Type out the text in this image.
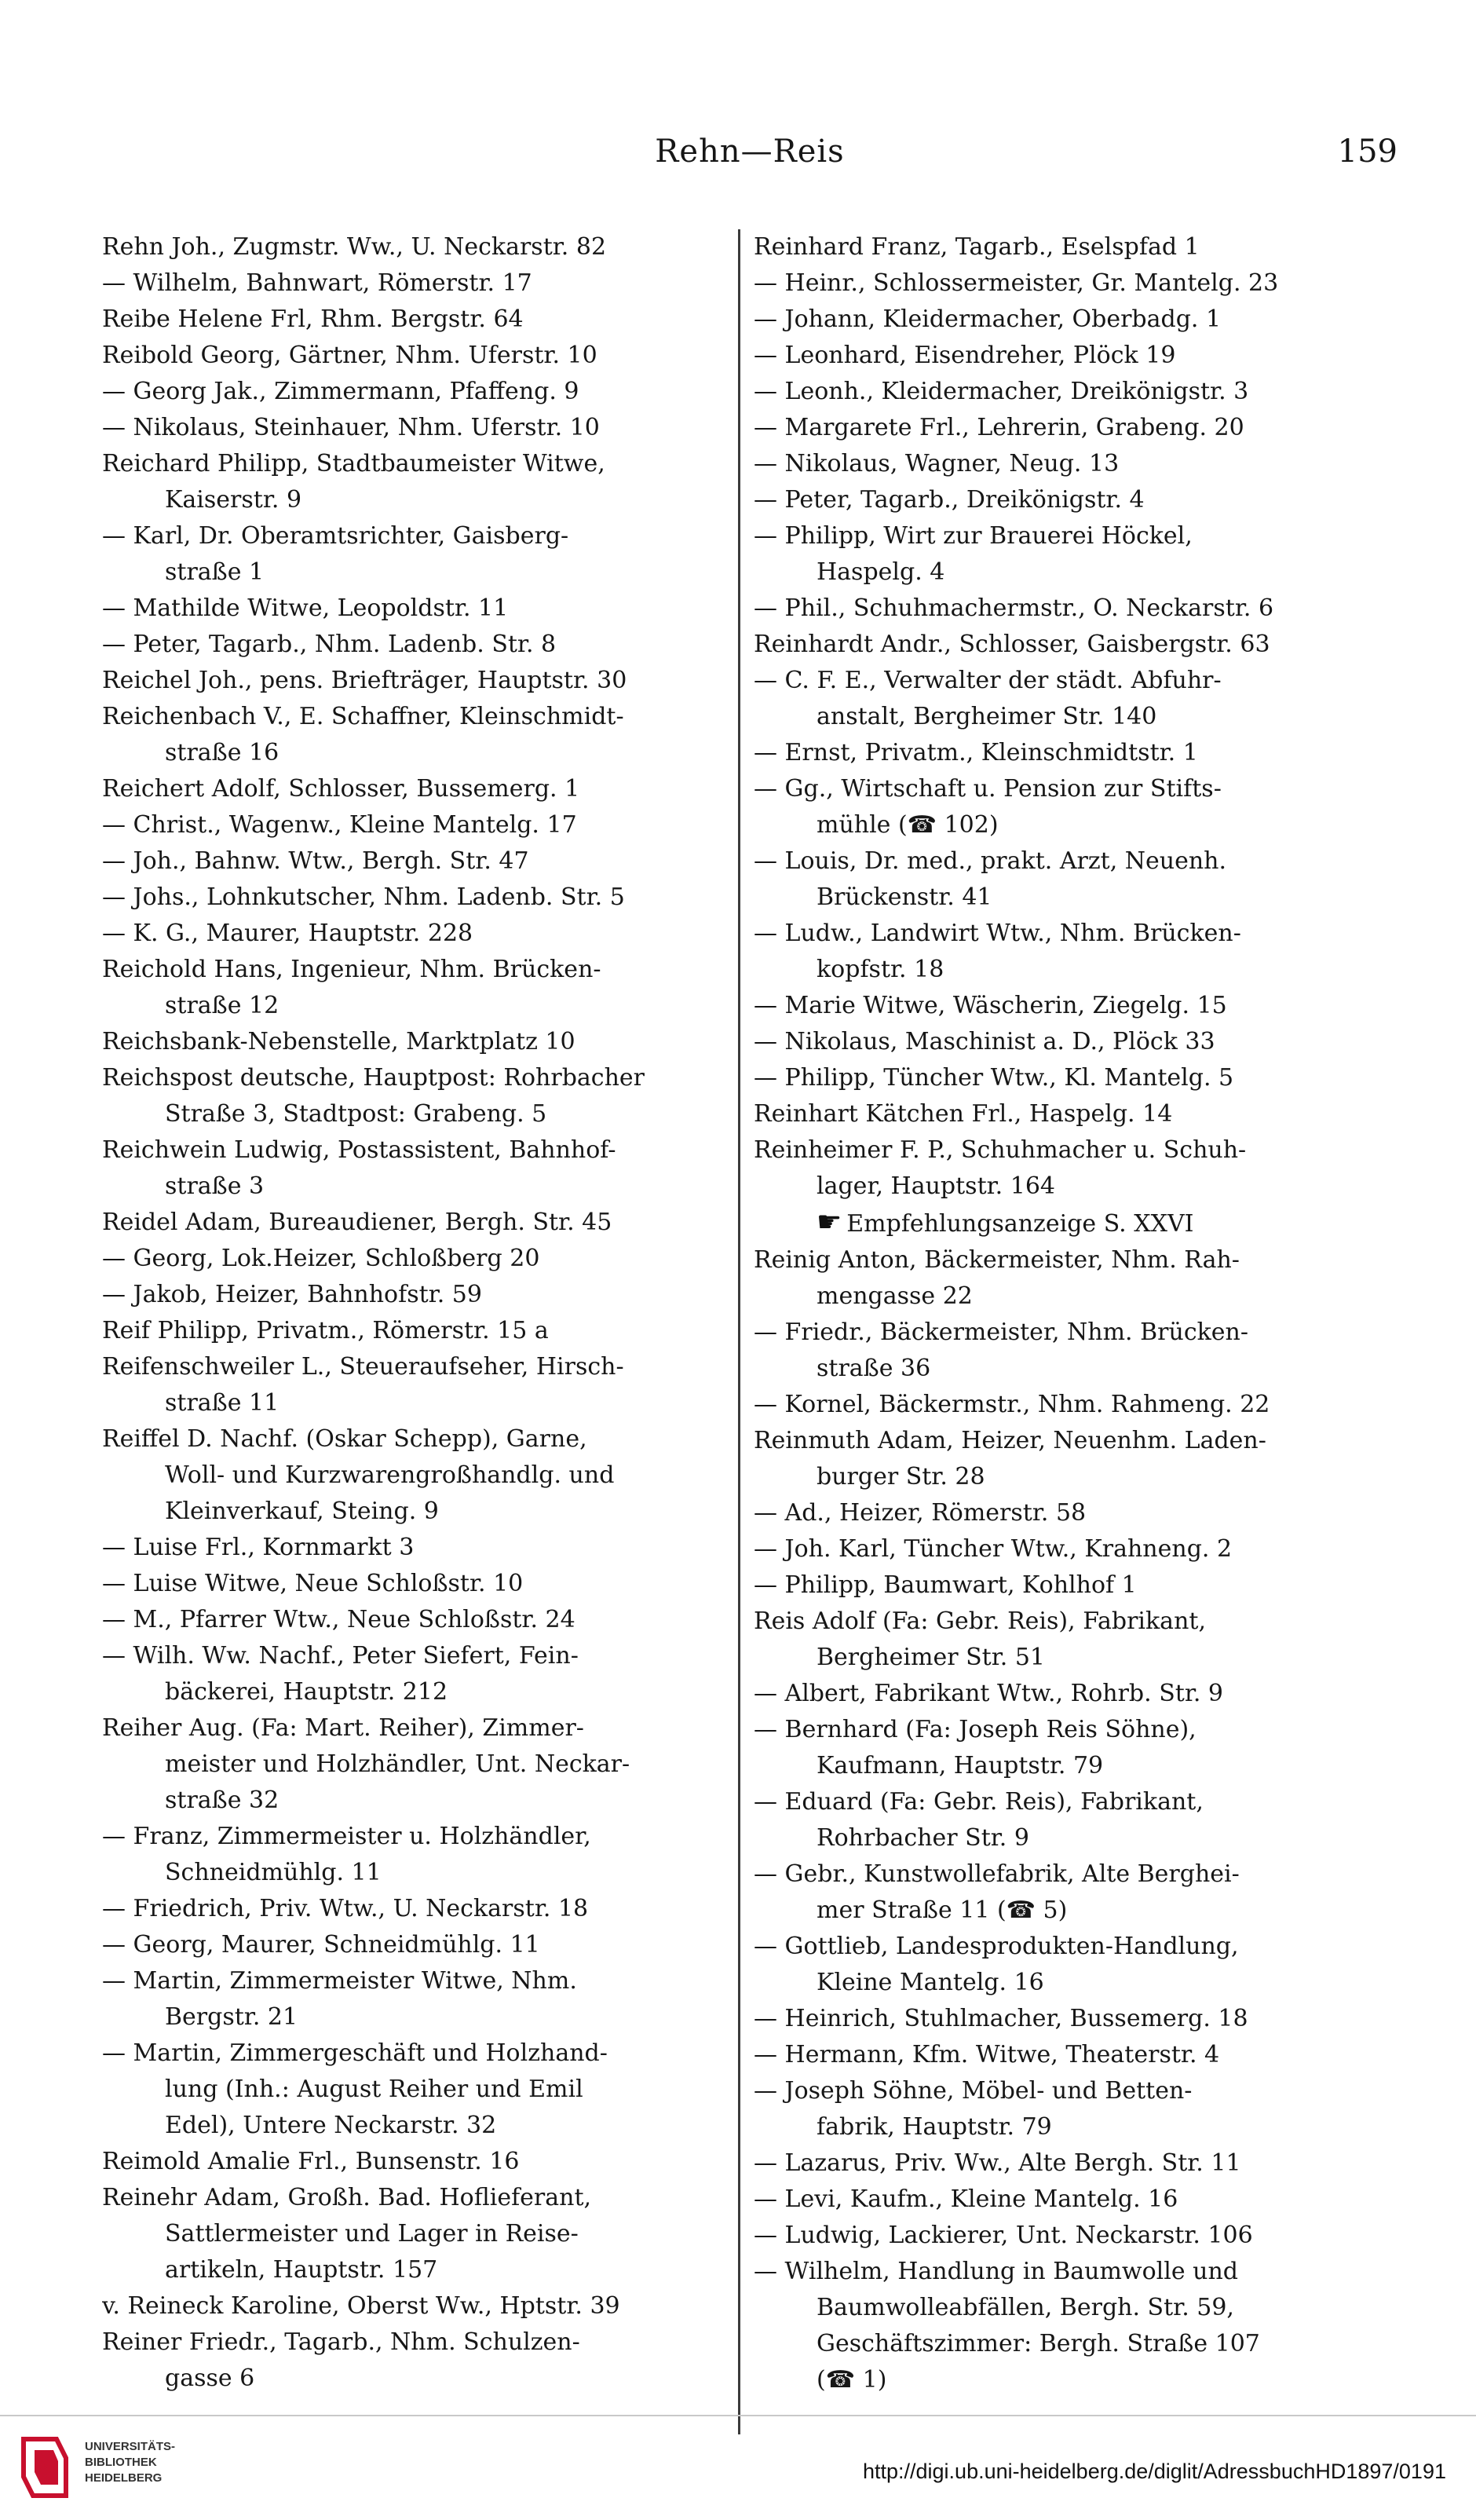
Rehn—Reis	159
Rehn Joh., Zugmstr. Ww., U. Neckarstr. 82
— Wilhelm, Bahnwart, Römerstr. 17
Reibe Helene Frl, Rhm. Bergstr. 64
Reibold Georg, Gärtner, Nhm. Uferstr. 10
— Georg Jak., Zimmermann, Pfaffeng. 9
— Nikolaus, Steinhauer, Nhm. Uferstr. 10
Reichard Philipp, Stadtbaumeister Witwe,
Kaiserstr. 9
— Karl, Dr. Oberamtsrichter, Gaisberg-
straße 1
— Mathilde Witwe, Leopoldstr. 11
— Peter, Tagarb., Nhm. Ladenb. Str. 8
Reichel Joh., pens. Briefträger, Hauptstr. 30
Reichenbach V., E. Schaffner, Kleinschmidt-
straße 16
Reichert Adolf, Schlosser, Bussemerg. 1
— Christ., Wagenw., Kleine Mantelg. 17
— Joh., Bahnw. Wtw., Bergh. Str. 47
— Johs., Lohnkutscher, Nhm. Ladenb. Str. 5
— K. G., Maurer, Hauptstr. 228
Reichold Hans, Ingenieur, Nhm. Brücken-
straße 12
Reichsbank-Nebenstelle, Marktplatz 10
Reichspost deutsche, Hauptpost: Rohrbacher
Straße 3, Stadtpost: Grabeng. 5
Reichwein Ludwig, Postassistent, Bahnhof-
straße 3
Reidel Adam, Bureaudiener, Bergh. Str. 45
— Georg, Lok.Heizer, Schloßberg 20
— Jakob, Heizer, Bahnhofstr. 59
Reif Philipp, Privatm., Römerstr. 15 a
Reifenschweiler L., Steueraufseher, Hirsch-
straße 11
Reiffel D. Nachf. (Oskar Schepp), Garne,
Woll- und Kurzwarengroßhandlg. und
Kleinverkauf, Steing. 9
— Luise Frl., Kornmarkt 3
— Luise Witwe, Neue Schloßstr. 10
— M., Pfarrer Wtw., Neue Schloßstr. 24
— Wilh. Ww. Nachf., Peter Siefert, Fein-
bäckerei, Hauptstr. 212
Reiher Aug. (Fa: Mart. Reiher), Zimmer-
meister und Holzhändler, Unt. Neckar-
straße 32
— Franz, Zimmermeister u. Holzhändler,
Schneidmühlg. 11
— Friedrich, Priv. Wtw., U. Neckarstr. 18
— Georg, Maurer, Schneidmühlg. 11
— Martin, Zimmermeister Witwe, Nhm.
Bergstr. 21
— Martin, Zimmergeschäft und Holzhand-
lung (Inh.: August Reiher und Emil
Edel), Untere Neckarstr. 32
Reimold Amalie Frl., Bunsenstr. 16
Reinehr Adam, Großh. Bad. Hoflieferant,
Sattlermeister und Lager in Reise-
artikeln, Hauptstr. 157
v. Reineck Karoline, Oberst Ww., Hptstr. 39
Reiner Friedr., Tagarb., Nhm. Schulzen-
gasse 6
Reinhard Franz, Tagarb., Eselspfad 1
— Heinr., Schlossermeister, Gr. Mantelg. 23
— Johann, Kleidermacher, Oberbadg. 1
— Leonhard, Eisendreher, Plöck 19
— Leonh., Kleidermacher, Dreikönigstr. 3
— Margarete Frl., Lehrerin, Grabeng. 20
— Nikolaus, Wagner, Neug. 13
— Peter, Tagarb., Dreikönigstr. 4
— Philipp, Wirt zur Brauerei Höckel,
Haspelg. 4
— Phil., Schuhmachermstr., O. Neckarstr. 6
Reinhardt Andr., Schlosser, Gaisbergstr. 63
— C. F. E., Verwalter der städt. Abfuhr-
anstalt, Bergheimer Str. 140
— Ernst, Privatm., Kleinschmidtstr. 1
— Gg., Wirtschaft u. Pension zur Stifts-
mühle (☎ 102)
— Louis, Dr. med., prakt. Arzt, Neuenh.
Brückenstr. 41
— Ludw., Landwirt Wtw., Nhm. Brücken-
kopfstr. 18
— Marie Witwe, Wäscherin, Ziegelg. 15
— Nikolaus, Maschinist a. D., Plöck 33
— Philipp, Tüncher Wtw., Kl. Mantelg. 5
Reinhart Kätchen Frl., Haspelg. 14
Reinheimer F. P., Schuhmacher u. Schuh-
lager, Hauptstr. 164
☛ Empfehlungsanzeige S. XXVI
Reinig Anton, Bäckermeister, Nhm. Rah-
mengasse 22
— Friedr., Bäckermeister, Nhm. Brücken-
straße 36
— Kornel, Bäckermstr., Nhm. Rahmeng. 22
Reinmuth Adam, Heizer, Neuenhm. Laden-
burger Str. 28
— Ad., Heizer, Römerstr. 58
— Joh. Karl, Tüncher Wtw., Krahneng. 2
— Philipp, Baumwart, Kohlhof 1
Reis Adolf (Fa: Gebr. Reis), Fabrikant,
Bergheimer Str. 51
— Albert, Fabrikant Wtw., Rohrb. Str. 9
— Bernhard (Fa: Joseph Reis Söhne),
Kaufmann, Hauptstr. 79
— Eduard (Fa: Gebr. Reis), Fabrikant,
Rohrbacher Str. 9
— Gebr., Kunstwollefabrik, Alte Berghei-
mer Straße 11 (☎ 5)
— Gottlieb, Landesprodukten-Handlung,
Kleine Mantelg. 16
— Heinrich, Stuhlmacher, Bussemerg. 18
— Hermann, Kfm. Witwe, Theaterstr. 4
— Joseph Söhne, Möbel- und Betten-
fabrik, Hauptstr. 79
— Lazarus, Priv. Ww., Alte Bergh. Str. 11
— Levi, Kaufm., Kleine Mantelg. 16
— Ludwig, Lackierer, Unt. Neckarstr. 106
— Wilhelm, Handlung in Baumwolle und
Baumwolleabfällen, Bergh. Str. 59,
Geschäftszimmer: Bergh. Straße 107
(☎ 1)
UNIVERSITÄTS-
BIBLIOTHEK
HEIDELBERG	http://digi.ub.uni-heidelberg.de/diglit/AdressbuchHD1897/0191
